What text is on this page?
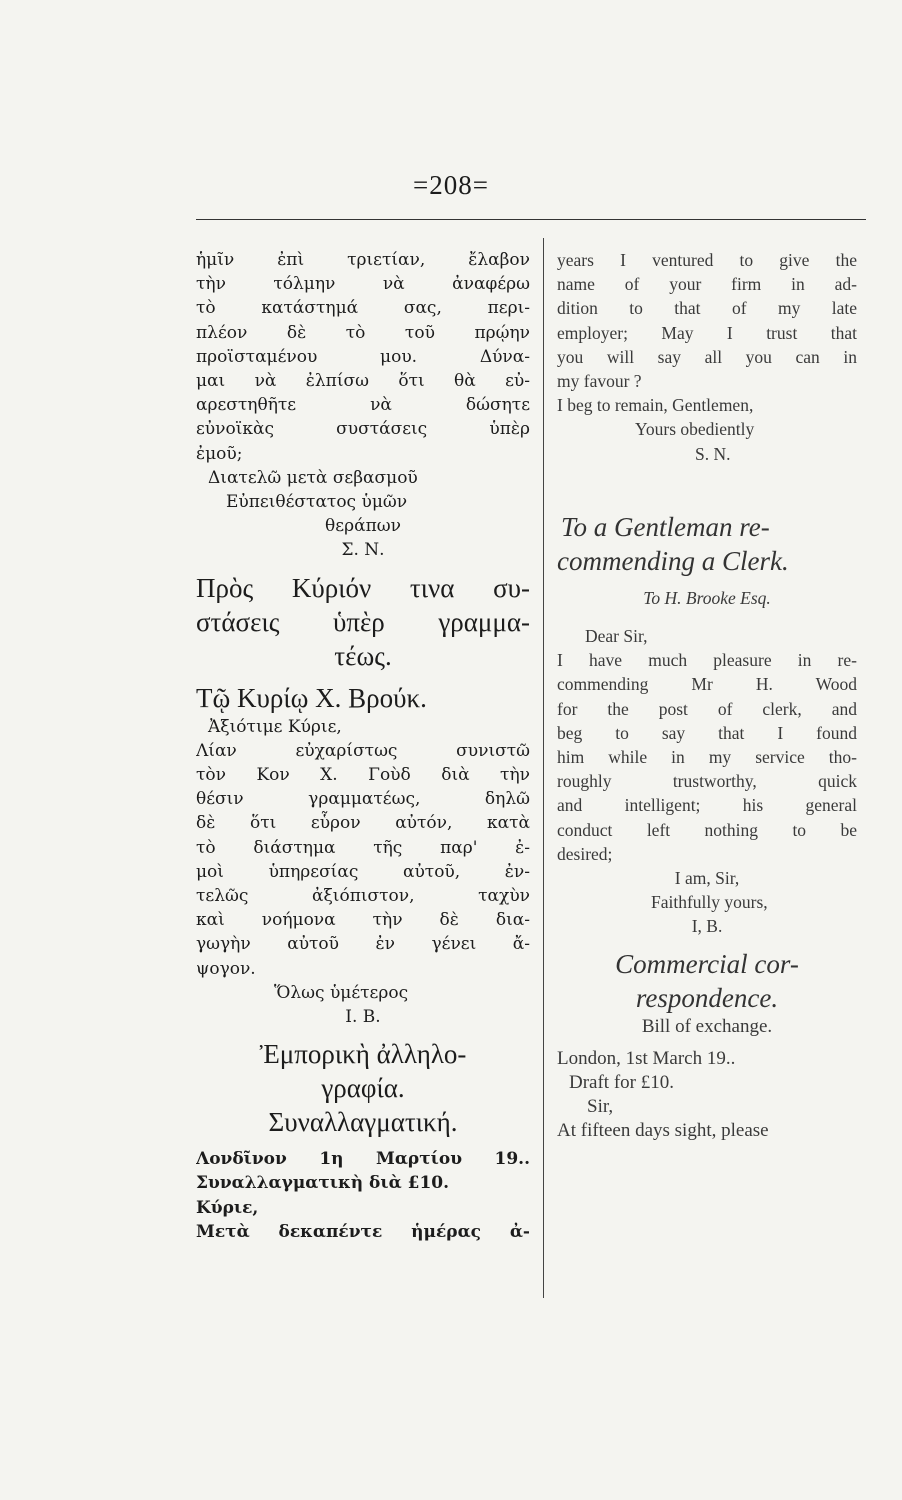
=208=
ἡμῖν ἐπὶ τριετίαν, ἔλαβον
τὴν τόλμην νὰ ἀναφέρω
τὸ κατάστημά σας, περι-
πλέον δὲ τὸ τοῦ πρῴην
προϊσταμένου μου. Δύνα-
μαι νὰ ἐλπίσω ὅτι θὰ εὐ-
αρεστηθῆτε νὰ δώσητε
εὐνοϊκὰς συστάσεις ὑπὲρ
ἐμοῦ;
Διατελῶ μετὰ σεβασμοῦ
Εὐπειθέστατος ὑμῶν
θεράπων
Σ. Ν.
Πρὸς Κύριόν τινα συ-
στάσεις ὑπὲρ γραμμα-
τέως.
Τῷ Κυρίῳ Χ. Βρούκ.
Ἀξιότιμε Κύριε,
Λίαν εὐχαρίστως συνιστῶ
τὸν Κον Χ. Γοὺδ διὰ τὴν
θέσιν γραμματέως, δηλῶ
δὲ ὅτι εὗρον αὐτόν, κατὰ
τὸ διάστημα τῆς παρ' ἐ-
μοὶ ὑπηρεσίας αὐτοῦ, ἐν-
τελῶς ἀξιόπιστον, ταχὺν
καὶ νοήμονα τὴν δὲ δια-
γωγὴν αὐτοῦ ἐν γένει ἄ-
ψογον.
Ὅλως ὑμέτερος
Ι. Β.
Ἐμπορικὴ ἀλληλο-
γραφία.
Συναλλαγματική.
Λονδῖνον 1η Μαρτίου 19..
Συναλλαγματικὴ διὰ £10.
Κύριε,
Μετὰ δεκαπέντε ἡμέρας ἀ-
years I ventured to give the
name of your firm in ad-
dition to that of my late
employer; May I trust that
you will say all you can in
my favour ?
I beg to remain, Gentlemen,
Yours obediently
S. N.
To a Gentleman re-
commending a Clerk.
To H. Brooke Esq.
Dear Sir,
I have much pleasure in re-
commending Mr H. Wood
for the post of clerk, and
beg to say that I found
him while in my service tho-
roughly trustworthy, quick
and intelligent; his general
conduct left nothing to be
desired;
I am, Sir,
Faithfully yours,
I, B.
Commercial cor-
respondence.
Bill of exchange.
London, 1st March 19..
Draft for £10.
Sir,
At fifteen days sight, please
